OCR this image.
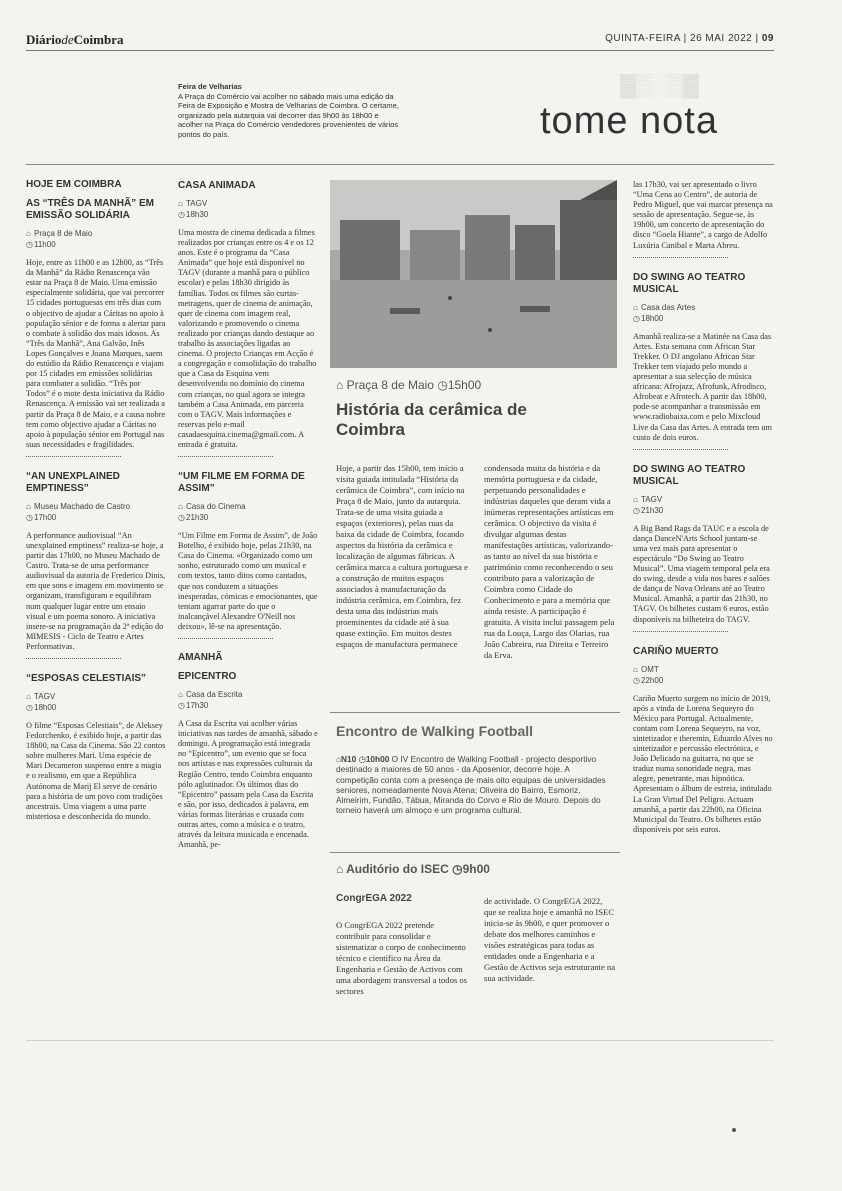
DiáriodeCoimbra	QUINTA-FEIRA | 26 MAI 2022 | 09
Feira de Velharias
A Praça do Comércio vai acolher no sábado mais uma edição da Feira de Exposição e Mostra de Velharias de Coimbra. O certame, organizado pela autarquia vai decorrer das 9h00 às 18h00 e acolher na Praça do Comércio vendedores provenientes de vários pontos do país.
▓▒░▒▓
tome nota
HOJE EM COIMBRA
AS “TRÊS DA MANHÃ” EM EMISSÃO SOLIDÁRIA
⌂ Praça 8 de Maio
◷11h00
Hoje, entre as 11h00 e as 12h00, as “Três da Manhã” da Rádio Renascença vão estar na Praça 8 de Maio. Uma emissão especialmente solidária, que vai percorrer 15 cidades portuguesas em três dias com o objectivo de ajudar a Cáritas no apoio à população sénior e de forma a alertar para o combate à solidão dos mais idosos. As “Três da Manhã”, Ana Galvão, Inês Lopes Gonçalves e Joana Marques, saem do estúdio da Rádio Renascença e viajam por 15 cidades em emissões solidárias para combater a solidão. “Três por Todos” é o mote desta iniciativa da Rádio Renascença. A emissão vai ser realizada a partir da Praça 8 de Maio, e a causa nobre tem como objectivo ajudar a Cáritas no apoio à população sénior em Portugal nas suas necessidades e fragilidades.
“AN UNEXPLAINED EMPTINESS”
⌂ Museu Machado de Castro
◷17h00
A performance audiovisual “An unexplained emptiness” realiza-se hoje, a partir das 17h00, no Museu Machado de Castro. Trata-se de uma performance audiovisual da autoria de Frederico Dinis, em que sons e imagens em movimento se organizam, transfiguram e equilibram num qualquer lugar entre um ensaio visual e um poema sonoro. A iniciativa insere-se na programação da 2ª edição do MIMESIS - Ciclo de Teatro e Artes Performativas.
“ESPOSAS CELESTIAIS”
⌂ TAGV
◷18h00
O filme “Esposas Celestiais”, de Aleksey Fedorchenko, é exibido hoje, a partir das 18h00, na Casa da Cinema. São 22 contos sobre mulheres Mari. Uma espécie de Mari Decameron suspenso entre a magia e o realismo, em que a República Autónoma de Marij El serve de cenário para a história de um povo com tradições ancestrais. Uma viagem a uma parte misteriosa e desconhecida do mundo.
CASA ANIMADA
⌂ TAGV
◷18h30
Uma mostra de cinema dedicada a filmes realizados por crianças entre os 4 e os 12 anos. Este é o programa da “Casa Animada” que hoje está disponível no TAGV (durante a manhã para o público escolar) e pelas 18h30 dirigido às famílias. Todos os filmes são curtas-metragens, quer de cinema de animação, quer de cinema com imagem real, valorizando e promovendo o cinema realizado por crianças dando destaque ao trabalho às associações ligadas ao cinema. O projecto Crianças em Acção é a congregação e consolidação do trabalho que a Casa da Esquina vem desenvolvendo no domínio do cinema com crianças, no qual agora se integra também a Casa Animada, em parceria com o TAGV. Mais informações e reservas pelo e-mail casadaesquina.cinema@gmail.com. A entrada é gratuita.
“UM FILME EM FORMA DE ASSIM”
⌂ Casa do Cinema
◷21h30
“Um Filme em Forma de Assim”, de João Botelho, é exibido hoje, pelas 21h30, na Casa do Cinema. «Organizado como um sonho, estruturado como um musical e com textos, tanto ditos como cantados, que nos conduzem a situações inesperadas, cómicas e emocionantes, que tentam agarrar parte do que o inalcançável Alexandre O'Neill nos deixou», lê-se na apresentação.
AMANHÃ
EPICENTRO
⌂ Casa da Escrita
◷17h30
A Casa da Escrita vai acolher várias iniciativas nas tardes de amanhã, sábado e domingo. A programação está integrada no “Epicentro”, um evento que se foca nos artistas e nas expressões culturais da Região Centro, tendo Coimbra enquanto pólo aglutinador. Os últimos dias do “Epicentro” passam pela Casa da Escrita e são, por isso, dedicados à palavra, em várias formas literárias e cruzada com outras artes, como a música e o teatro, através da leitura musicada e encenada. Amanhã, pe-
⌂ Praça 8 de Maio ◷15h00
História da cerâmica de Coimbra
Hoje, a partir das 15h00, tem início a visita guiada intitulada “História da cerâmica de Coimbra”, com início na Praça 8 de Maio, junto da autarquia. Trata-se de uma visita guiada a espaços (exteriores), pelas ruas da baixa da cidade de Coimbra, focando aspectos da história da cerâmica e localização de algumas fábricas. A cerâmica marca a cultura portuguesa e a construção de muitos espaços associados à manufacturação da indústria cerâmica, em Coimbra, fez desta uma das indústrias mais proeminentes da cidade até à sua quase extinção. Em muitos destes espaços de manufactura permanece
condensada muita da história e da memória portuguesa e da cidade, perpetuando personalidades e indústrias daqueles que deram vida a inúmeras representações artísticas em cerâmica. O objectivo da visita é divulgar algumas destas manifestações artísticas, valorizando-as tanto ao nível da sua história e património como reconhecendo o seu contributo para a valorização de Coimbra como Cidade do Conhecimento e para a memória que ainda resiste. A participação é gratuita. A visita inclui passagem pela rua da Louça, Largo das Olarias, rua João Cabreira, rua Direita e Terreiro da Erva.
Encontro de Walking Football
⌂N10 ◷10h00 O IV Encontro de Walking Football - projecto desportivo destinado a maiores de 50 anos - da Aposenior, decorre hoje. A competição conta com a presença de mais oito equipas de universidades seniores, nomeadamente Nova Atena; Oliveira do Bairro, Esmoriz, Almeirim, Fundão, Tábua, Miranda do Corvo e Rio de Mouro. Depois do torneio haverá um almoço e um programa cultural.
⌂ Auditório do ISEC ◷9h00
CongrEGA 2022
O CongrEGA 2022 pretende contribuir para consolidar e sistematizar o corpo de conhecimento técnico e científico na Área da Engenharia e Gestão de Activos com uma abordagem transversal a todos os sectores
de actividade. O CongrEGA 2022, que se realiza hoje e amanhã no ISEC inicia-se às 9h00, e quer promover o debate dos melhores caminhos e visões estratégicas para todas as entidades onde a Engenharia e a Gestão de Activos seja estruturante na sua actividade.
las 17h30, vai ser apresentado o livro “Uma Cena ao Centro”, de autoria de Pedro Miguel, que vai marcar presença na sessão de apresentação. Segue-se, às 19h00, um concerto de apresentação do disco “Goela Hiante”, a cargo de Adolfo Luxúria Canibal e Marta Abreu.
DO SWING AO TEATRO MUSICAL
⌂ Casa das Artes
◷18h00
Amanhã realiza-se a Matinée na Casa das Artes. Esta semana com African Star Trekker. O DJ angolano African Star Trekker tem viajado pelo mundo a apresentar a sua selecção de música africana: Afrojazz, Afrofunk, Afrodisco, Afrobeat e Afrotech. A partir das 18h00, pode-se acompanhar a transmissão em www.radiobaixa.com e pelo Mixcloud Live da Casa das Artes. A entrada tem um custo de dois euros.
DO SWING AO TEATRO MUSICAL
⌂ TAGV
◷21h30
A Big Band Rags da TAUC e a escola de dança DanceN'Arts School juntam-se uma vez mais para apresentar o espectáculo “Do Swing ao Teatro Musical”. Uma viagem temporal pela era do swing, desde a vida nos bares e salões de dança de Nova Orleans até ao Teatro Musical. Amanhã, a partir das 21h30, no TAGV. Os bilhetes custam 6 euros, estão disponíveis na bilheteira do TAGV.
CARIÑO MUERTO
⌂ OMT
◷22h00
Cariño Muerto surgem no início de 2019, após a vinda de Lorena Sequeyro do México para Portugal. Actualmente, contam com Lorena Sequeyro, na voz, sintetizador e theremin, Eduardo Alves no sintetizador e percussão electrónica, e João Delicado na guitarra, no que se traduz numa sonoridade negra, mas alegre, penetrante, mas hipnótica. Apresentam o álbum de estreia, intitulado La Gran Virtud Del Peligro. Actuam amanhã, a partir das 22h00, na Oficina Municipal do Teatro. Os bilhetes estão disponíveis por seis euros.
